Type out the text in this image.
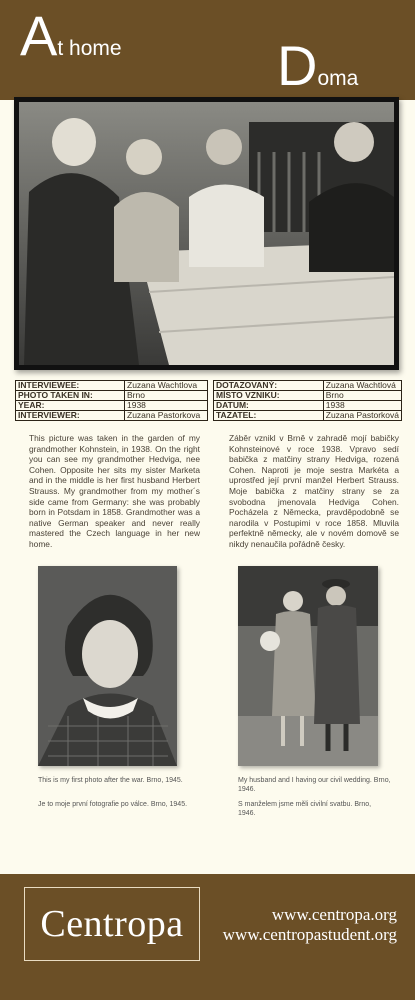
At home	Doma
INTERVIEWEE:	Zuzana Wachtlova
PHOTO TAKEN IN:	Brno
YEAR:	1938
INTERVIEWER:	Zuzana Pastorkova
DOTAZOVANÝ:	Zuzana Wachtlová
MÍSTO VZNIKU:	Brno
DATUM:	1938
TAZATEL:	Zuzana Pastorková

This picture was taken in the garden of my grandmother Kohnstein, in 1938. On the right you can see my grandmother Hedviga, nee Cohen. Opposite her sits my sister Marketa and in the middle is her first husband Herbert Strauss. My grandmother from my mother´s side came from Germany: she was probably born in Potsdam in 1858. Grandmother was a native German speaker and never really mastered the Czech language in her new home.

Záběr vznikl v Brně v zahradě mojí babičky Kohnsteinové v roce 1938. Vpravo sedí babička z matčiny strany Hedviga, rozená Cohen. Naproti je moje sestra Markéta a uprostřed její první manžel Herbert Strauss. Moje babička z matčiny strany se za svobodna jmenovala Hedviga Cohen. Pocházela z Německa, pravděpodobně se narodila v Postupimi v roce 1858. Mluvila perfektně německy, ale v novém domově se nikdy nenaučila pořádně česky.

This is my first photo after the war. Brno, 1945.
Je to moje první fotografie po válce. Brno, 1945.
My husband and I having our civil wedding. Brno, 1946.
S manželem jsme měli civilní svatbu. Brno, 1946.
Centropa	www.centropa.org
www.centropastudent.org
